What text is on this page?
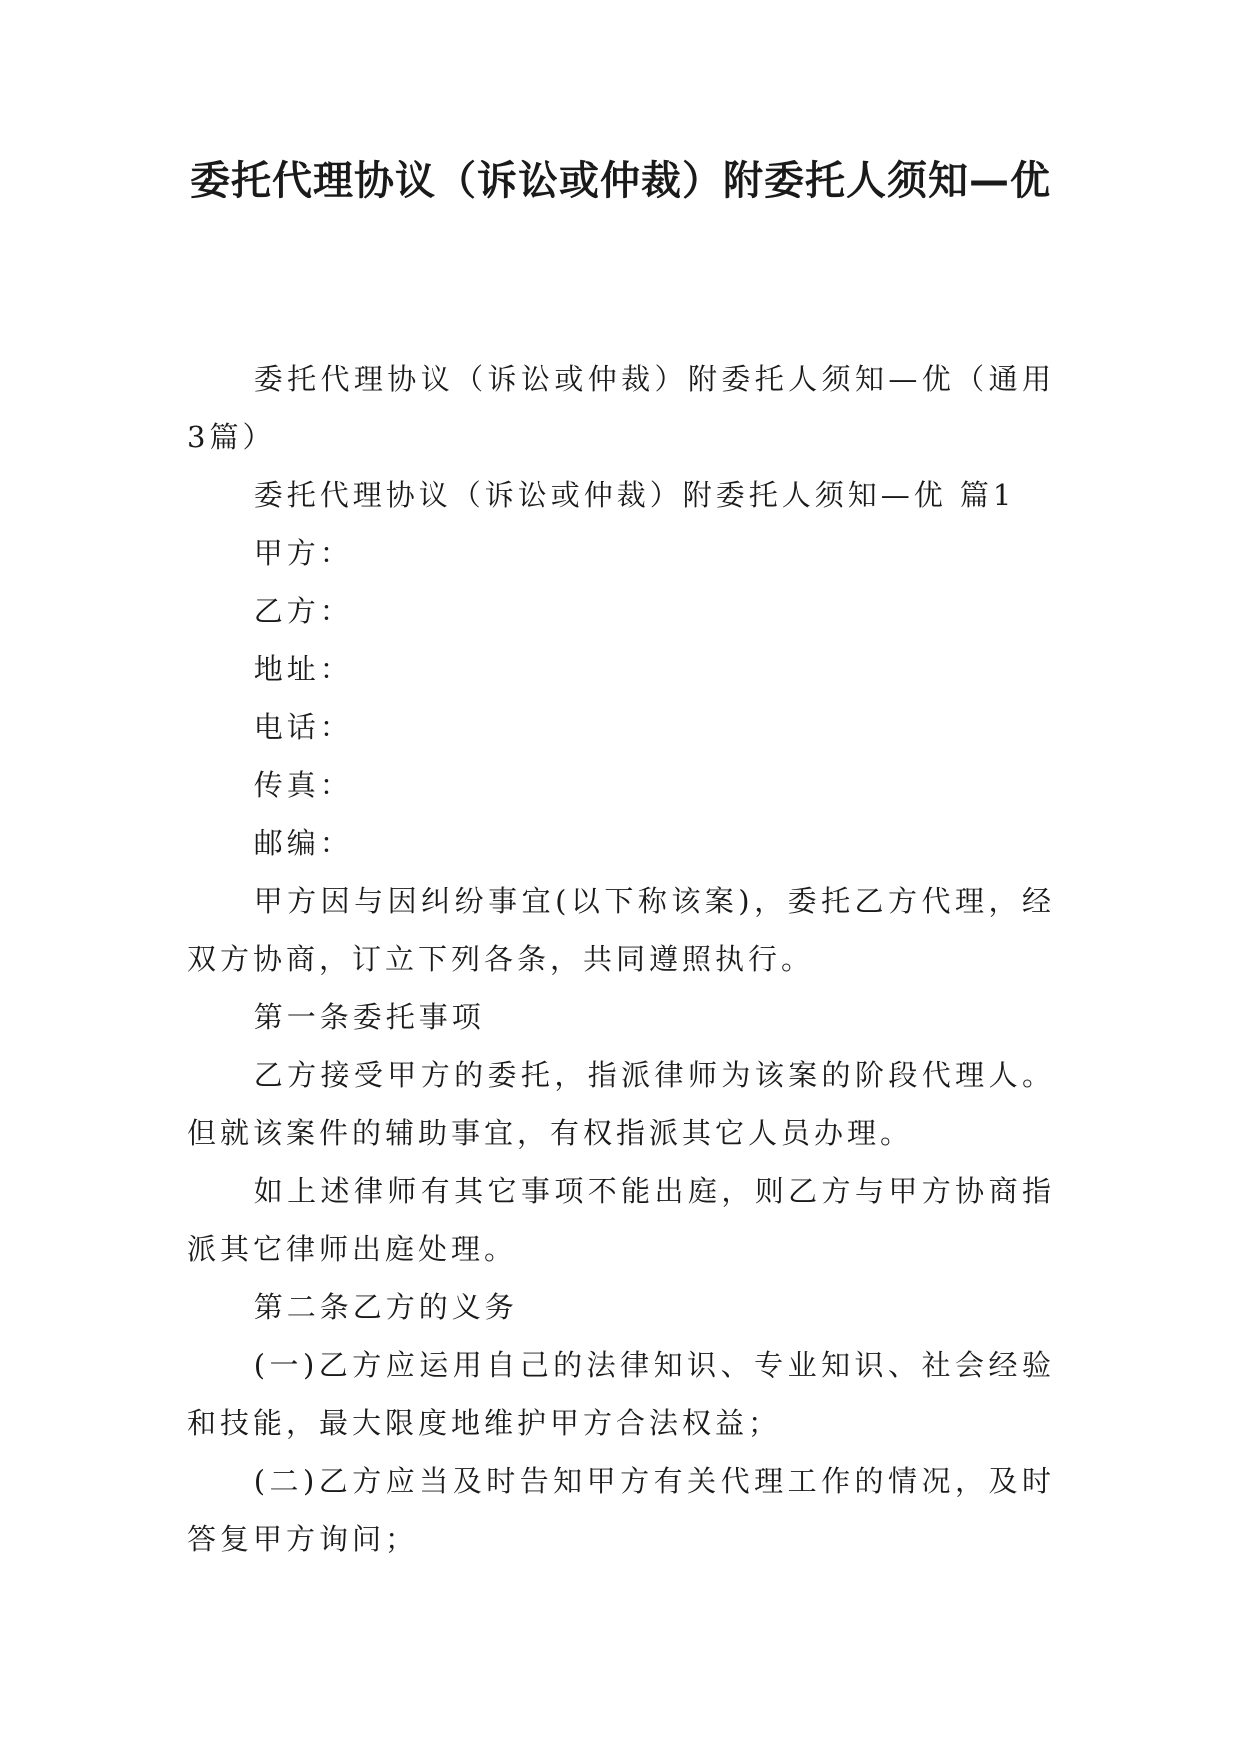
委托代理协议（诉讼或仲裁）附委托人须知—优

委托代理协议（诉讼或仲裁）附委托人须知—优（通用3篇）

委托代理协议（诉讼或仲裁）附委托人须知—优 篇1

甲方：

乙方：

地址：

电话：

传真：

邮编：

甲方因与因纠纷事宜(以下称该案)，委托乙方代理，经双方协商，订立下列各条，共同遵照执行。

第一条委托事项

乙方接受甲方的委托，指派律师为该案的阶段代理人。但就该案件的辅助事宜，有权指派其它人员办理。

如上述律师有其它事项不能出庭，则乙方与甲方协商指派其它律师出庭处理。

第二条乙方的义务

(一)乙方应运用自己的法律知识、专业知识、社会经验和技能，最大限度地维护甲方合法权益；

(二)乙方应当及时告知甲方有关代理工作的情况，及时答复甲方询问；
